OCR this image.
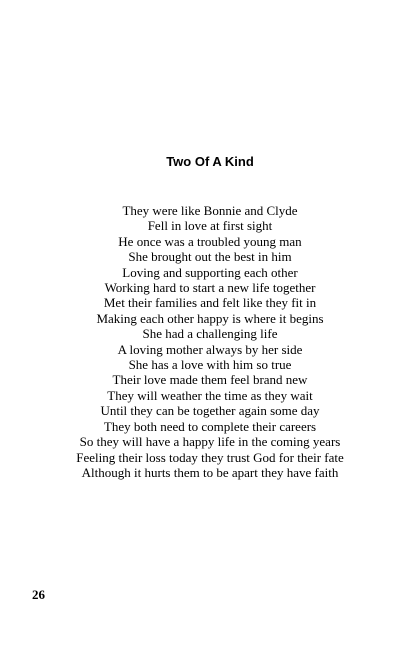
Two Of A Kind
They were like Bonnie and Clyde
Fell in love at first sight
He once was a troubled young man
She brought out the best in him
Loving and supporting each other
Working hard to start a new life together
Met their families and felt like they fit in
Making each other happy is where it begins
She had a challenging life
A loving mother always by her side
She has a love with him so true
Their love made them feel brand new
They will weather the time as they wait
Until they can be together again some day
They both need to complete their careers
So they will have a happy life in the coming years
Feeling their loss today they trust God for their fate
Although it hurts them to be apart they have faith
26
